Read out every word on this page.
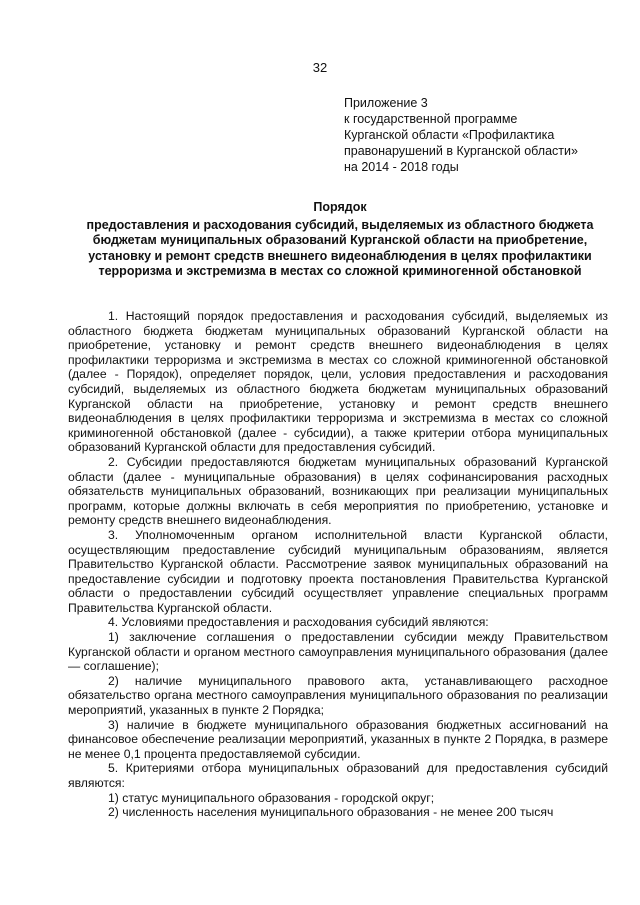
32
Приложение 3
к государственной программе
Курганской области «Профилактика
правонарушений в Курганской области»
на 2014 - 2018 годы
Порядок
предоставления и расходования субсидий, выделяемых из областного бюджета
бюджетам муниципальных образований Курганской области на приобретение,
установку и ремонт средств внешнего видеонаблюдения в целях профилактики
терроризма и экстремизма в местах со сложной криминогенной обстановкой

1. Настоящий порядок предоставления и расходования субсидий, выделяемых из областного бюджета бюджетам муниципальных образований Курганской области на приобретение, установку и ремонт средств внешнего видеонаблюдения в целях профилактики терроризма и экстремизма в местах со сложной криминогенной обстановкой (далее - Порядок), определяет порядок, цели, условия предоставления и расходования субсидий, выделяемых из областного бюджета бюджетам муниципальных образований Курганской области на приобретение, установку и ремонт средств внешнего видеонаблюдения в целях профилактики терроризма и экстремизма в местах со сложной криминогенной обстановкой (далее - субсидии), а также критерии отбора муниципальных образований Курганской области для предоставления субсидий.

2. Субсидии предоставляются бюджетам муниципальных образований Курганской области (далее - муниципальные образования) в целях софинансирования расходных обязательств муниципальных образований, возникающих при реализации муниципальных программ, которые должны включать в себя мероприятия по приобретению, установке и ремонту средств внешнего видеонаблюдения.

3. Уполномоченным органом исполнительной власти Курганской области, осуществляющим предоставление субсидий муниципальным образованиям, является Правительство Курганской области. Рассмотрение заявок муниципальных образований на предоставление субсидии и подготовку проекта постановления Правительства Курганской области о предоставлении субсидий осуществляет управление специальных программ Правительства Курганской области.

4. Условиями предоставления и расходования субсидий являются:

1) заключение соглашения о предоставлении субсидии между Правительством Курганской области и органом местного самоуправления муниципального образования (далее — соглашение);

2) наличие муниципального правового акта, устанавливающего расходное обязательство органа местного самоуправления муниципального образования по реализации мероприятий, указанных в пункте 2 Порядка;

3) наличие в бюджете муниципального образования бюджетных ассигнований на финансовое обеспечение реализации мероприятий, указанных в пункте 2 Порядка, в размере не менее 0,1 процента предоставляемой субсидии.

5. Критериями отбора муниципальных образований для предоставления субсидий являются:

1) статус муниципального образования - городской округ;

2) численность населения муниципального образования - не менее 200 тысяч
